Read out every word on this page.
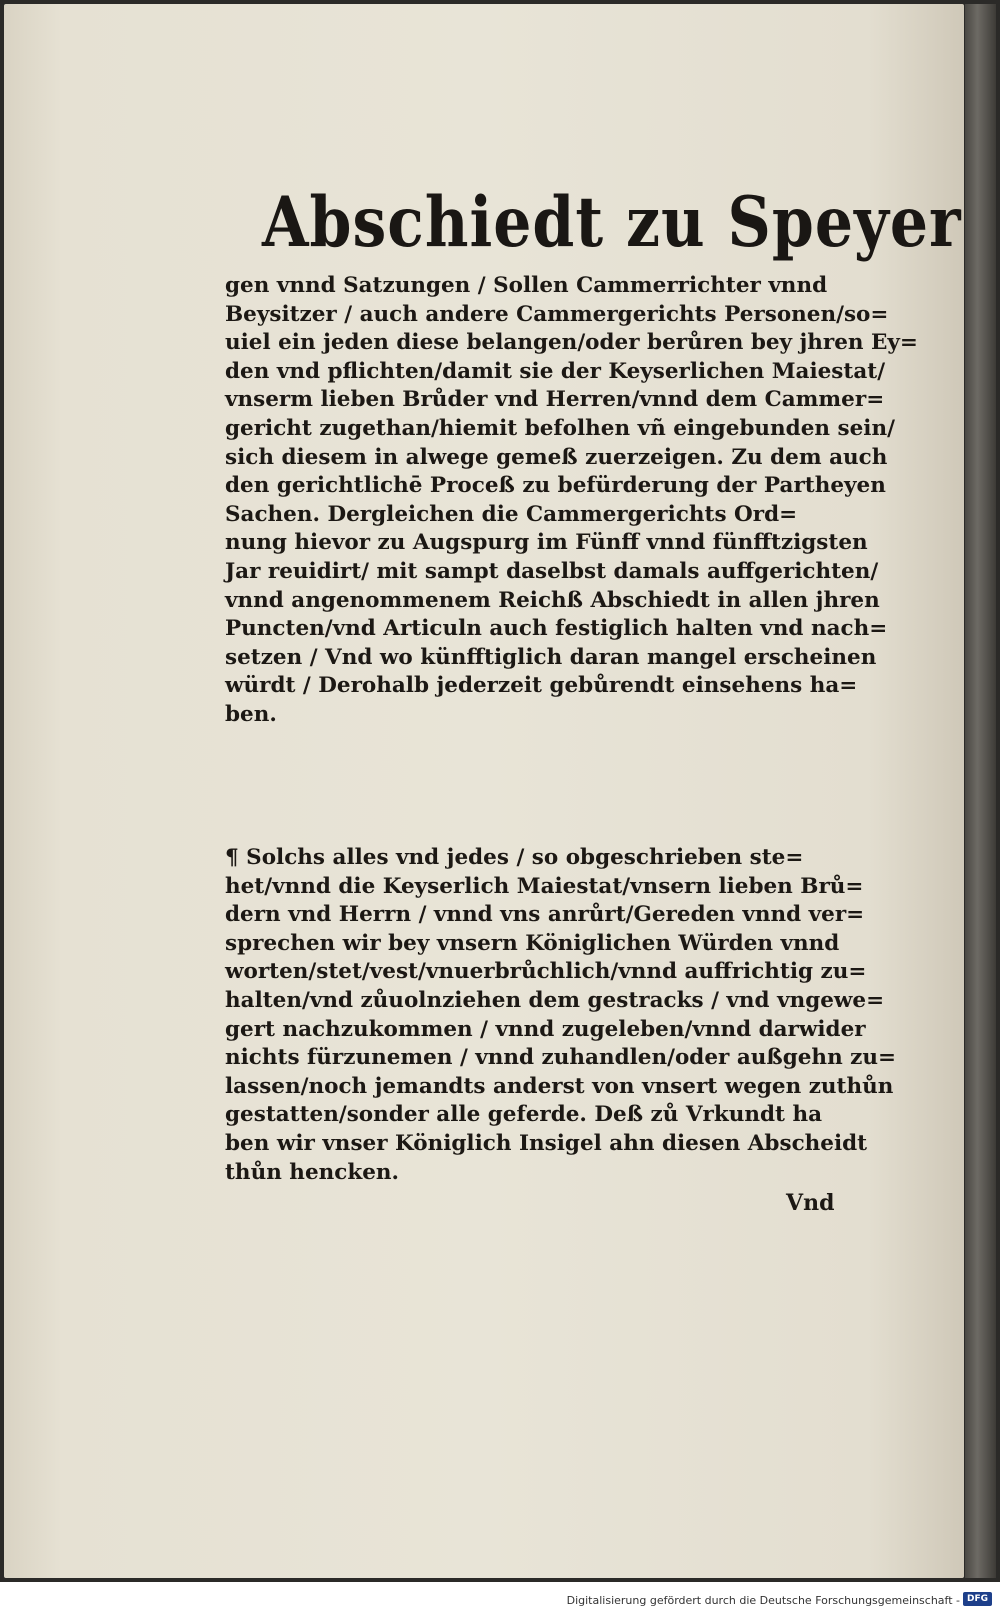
Abschiedt zu Speyer
gen vnnd Satzungen / Sollen Cammerrichter vnnd
Beysitzer / auch andere Cammergerichts Personen/so=
uiel ein jeden diese belangen/oder berůren bey jhren Ey=
den vnd pflichten/damit sie der Keyserlichen Maiestat/
vnserm lieben Brůder vnd Herren/vnnd dem Cammer=
gericht zugethan/hiemit befolhen vñ eingebunden sein/
sich diesem in alwege gemeß zuerzeigen. Zu dem auch
den gerichtlichē Proceß zu befürderung der Partheyen
Sachen. Dergleichen die Cammergerichts Ord=
nung hievor zu Augspurg im Fünff vnnd fünfftzigsten
Jar reuidirt/ mit sampt daselbst damals auffgerichten/
vnnd angenommenem Reichß Abschiedt in allen jhren
Puncten/vnd Articuln auch festiglich halten vnd nach=
setzen / Vnd wo künfftiglich daran mangel erscheinen
würdt / Derohalb jederzeit gebůrendt einsehens ha=
ben.
¶ Solchs alles vnd jedes / so obgeschrieben ste=
het/vnnd die Keyserlich Maiestat/vnsern lieben Brů=
dern vnd Herrn / vnnd vns anrůrt/Gereden vnnd ver=
sprechen wir bey vnsern Königlichen Würden vnnd
worten/stet/vest/vnuerbrůchlich/vnnd auffrichtig zu=
halten/vnd zůuolnziehen dem gestracks / vnd vngewe=
gert nachzukommen / vnnd zugeleben/vnnd darwider
nichts fürzunemen / vnnd zuhandlen/oder außgehn zu=
lassen/noch jemandts anderst von vnsert wegen zuthůn
gestatten/sonder alle geferde. Deß zů Vrkundt ha
ben wir vnser Königlich Insigel ahn diesen Abscheidt
thůn hencken.
Vnd
Digitalisierung gefördert durch die Deutsche Forschungsgemeinschaft - DFG
